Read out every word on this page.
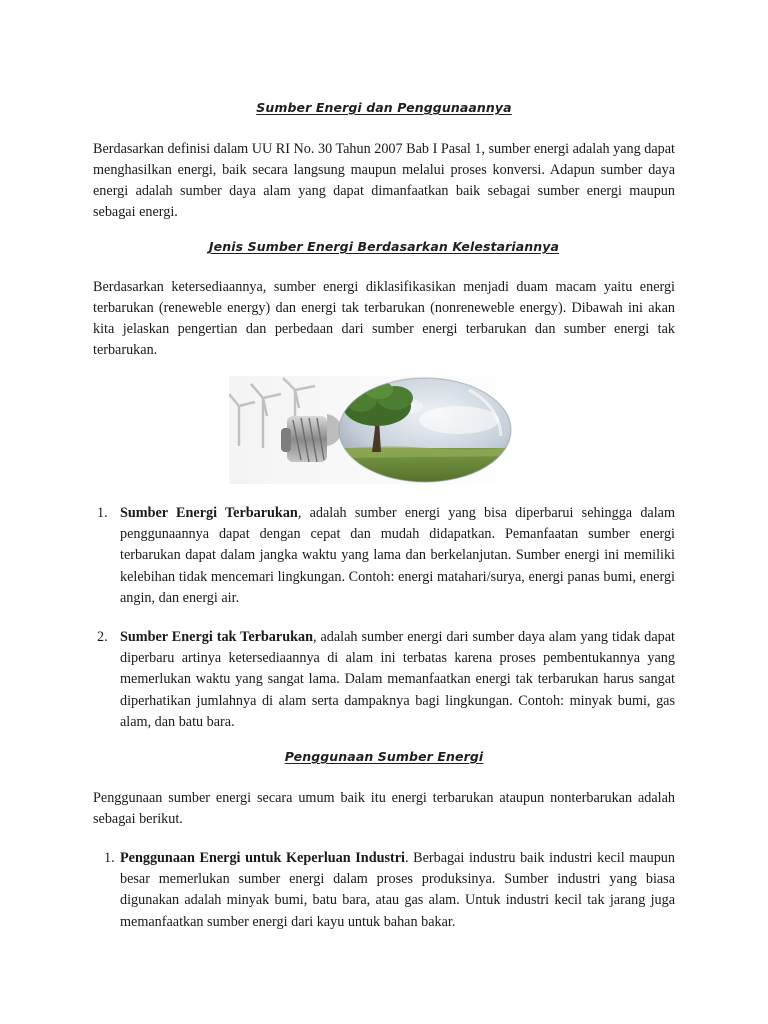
Sumber Energi dan Penggunaannya

Berdasarkan definisi dalam UU RI No. 30 Tahun 2007 Bab I Pasal 1, sumber energi adalah yang dapat menghasilkan energi, baik secara langsung maupun melalui proses konversi. Adapun sumber daya energi adalah sumber daya alam yang dapat dimanfaatkan baik sebagai sumber energi maupun sebagai energi.

Jenis Sumber Energi Berdasarkan Kelestariannya

Berdasarkan ketersediaannya, sumber energi diklasifikasikan menjadi duam macam yaitu energi terbarukan (reneweble energy) dan energi tak terbarukan (nonreneweble energy). Dibawah ini akan kita jelaskan pengertian dan perbedaan dari sumber energi terbarukan dan sumber energi tak terbarukan.

1. Sumber Energi Terbarukan, adalah sumber energi yang bisa diperbarui sehingga dalam penggunaannya dapat dengan cepat dan mudah didapatkan. Pemanfaatan sumber energi terbarukan dapat dalam jangka waktu yang lama dan berkelanjutan. Sumber energi ini memiliki kelebihan tidak mencemari lingkungan. Contoh: energi matahari/surya, energi panas bumi, energi angin, dan energi air.

2. Sumber Energi tak Terbarukan, adalah sumber energi dari sumber daya alam yang tidak dapat diperbaru artinya ketersediaannya di alam ini terbatas karena proses pembentukannya yang memerlukan waktu yang sangat lama. Dalam memanfaatkan energi tak terbarukan harus sangat diperhatikan jumlahnya di alam serta dampaknya bagi lingkungan. Contoh: minyak bumi, gas alam, dan batu bara.

Penggunaan Sumber Energi

Penggunaan sumber energi secara umum baik itu energi terbarukan ataupun nonterbarukan adalah sebagai berikut.

1. Penggunaan Energi untuk Keperluan Industri. Berbagai industru baik industri kecil maupun besar memerlukan sumber energi dalam proses produksinya. Sumber industri yang biasa digunakan adalah minyak bumi, batu bara, atau gas alam. Untuk industri kecil tak jarang juga memanfaatkan sumber energi dari kayu untuk bahan bakar.
